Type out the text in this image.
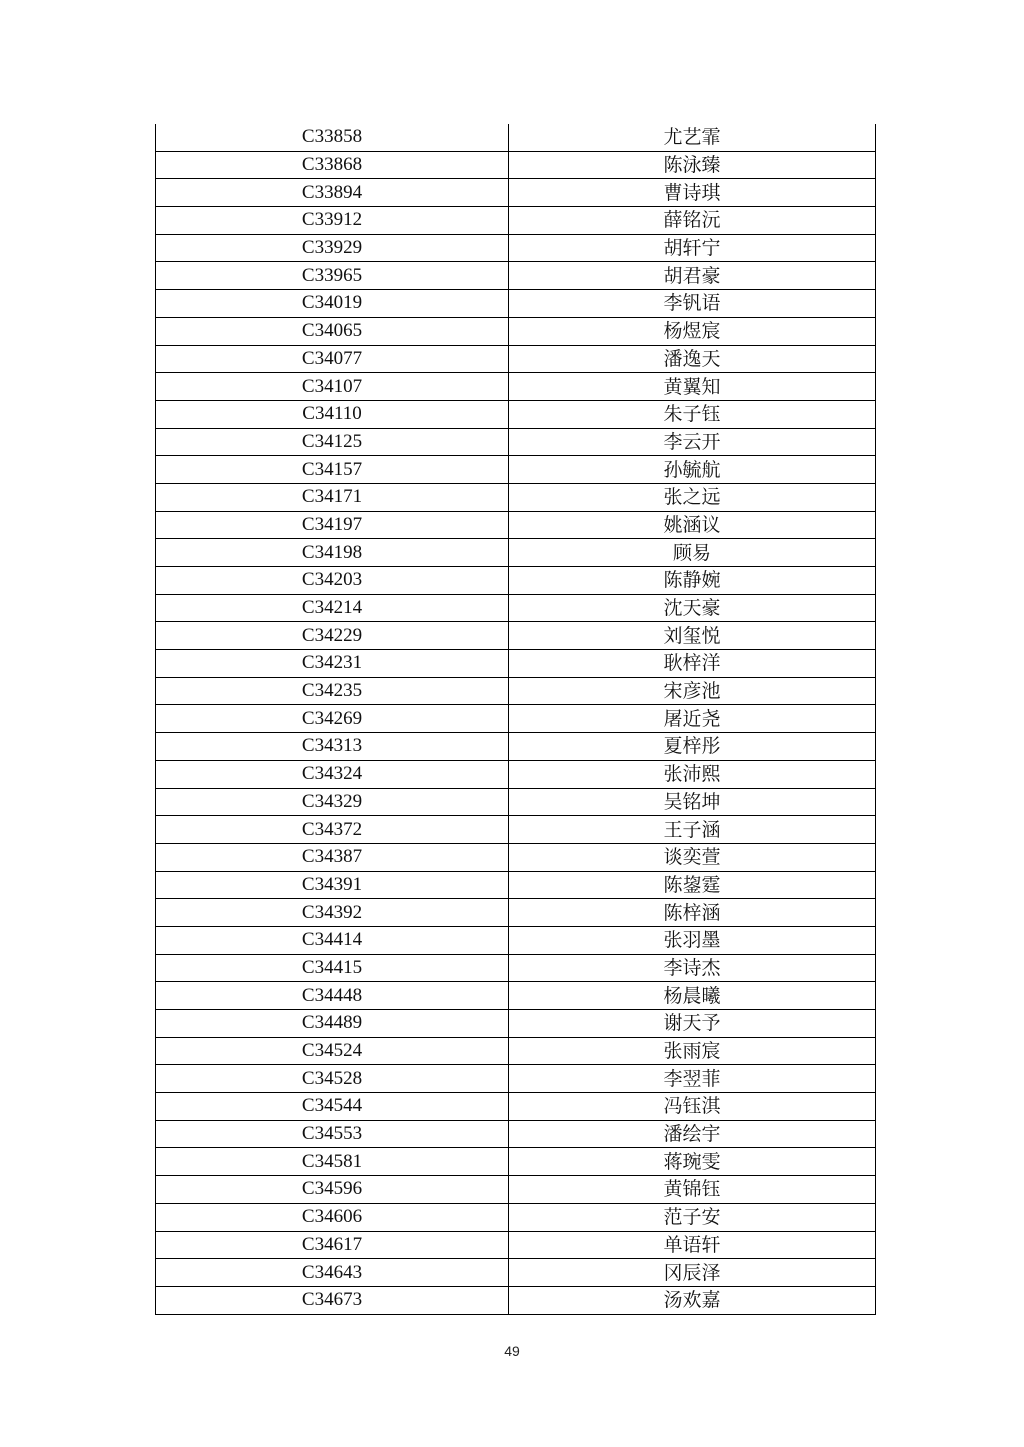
C33858	尤艺霏
C33868	陈泳臻
C33894	曹诗琪
C33912	薛铭沅
C33929	胡轩宁
C33965	胡君豪
C34019	李钒语
C34065	杨煜宸
C34077	潘逸天
C34107	黄翼知
C34110	朱子钰
C34125	李云开
C34157	孙毓航
C34171	张之远
C34197	姚涵议
C34198	顾易
C34203	陈静婉
C34214	沈天豪
C34229	刘玺悦
C34231	耿梓洋
C34235	宋彦池
C34269	屠近尧
C34313	夏梓彤
C34324	张沛熙
C34329	吴铭坤
C34372	王子涵
C34387	谈奕萱
C34391	陈鋆霆
C34392	陈梓涵
C34414	张羽墨
C34415	李诗杰
C34448	杨晨曦
C34489	谢天予
C34524	张雨宸
C34528	李翌菲
C34544	冯钰淇
C34553	潘绘宇
C34581	蒋琬雯
C34596	黄锦钰
C34606	范子安
C34617	单语轩
C34643	冈辰泽
C34673	汤欢嘉
49
